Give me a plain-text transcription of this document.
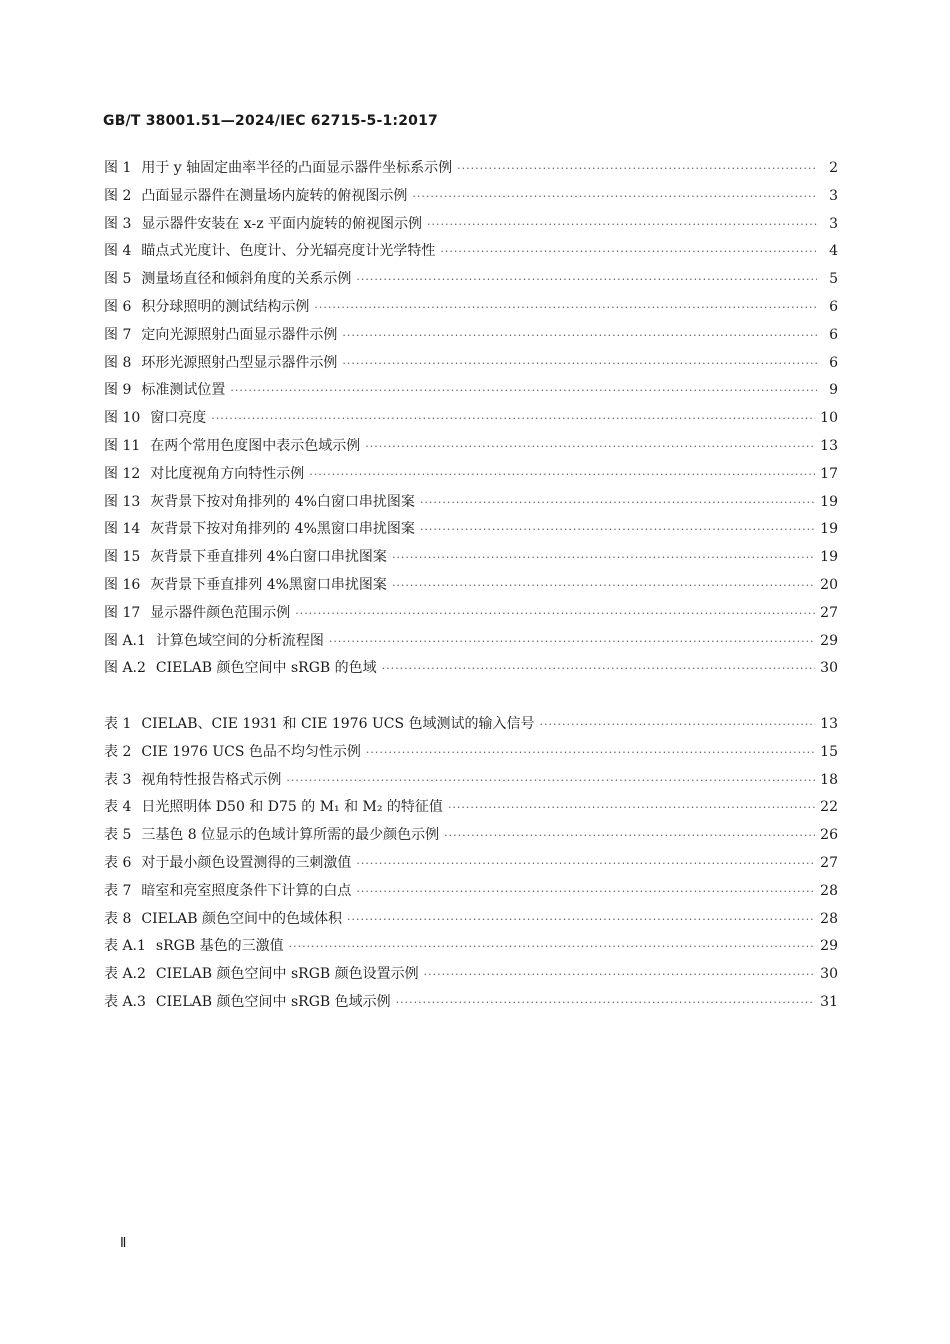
GB/T 38001.51—2024/IEC 62715-5-1:2017
图 1 用于 y 轴固定曲率半径的凸面显示器件坐标系示例 ·····	2
图 2 凸面显示器件在测量场内旋转的俯视图示例 ·····	3
图 3 显示器件安装在 x-z 平面内旋转的俯视图示例 ·····	3
图 4 瞄点式光度计、色度计、分光辐亮度计光学特性 ·····	4
图 5 测量场直径和倾斜角度的关系示例 ·····	5
图 6 积分球照明的测试结构示例 ·····	6
图 7 定向光源照射凸面显示器件示例 ·····	6
图 8 环形光源照射凸型显示器件示例 ·····	6
图 9 标准测试位置 ·····	9
图 10 窗口亮度 ·····	10
图 11 在两个常用色度图中表示色域示例 ·····	13
图 12 对比度视角方向特性示例 ·····	17
图 13 灰背景下按对角排列的 4%白窗口串扰图案 ·····	19
图 14 灰背景下按对角排列的 4%黑窗口串扰图案 ·····	19
图 15 灰背景下垂直排列 4%白窗口串扰图案 ·····	19
图 16 灰背景下垂直排列 4%黑窗口串扰图案 ·····	20
图 17 显示器件颜色范围示例 ·····	27
图 A.1 计算色域空间的分析流程图 ·····	29
图 A.2 CIELAB 颜色空间中 sRGB 的色域 ·····	30
表 1 CIELAB、CIE 1931 和 CIE 1976 UCS 色域测试的输入信号 ·····	13
表 2 CIE 1976 UCS 色品不均匀性示例 ·····	15
表 3 视角特性报告格式示例 ·····	18
表 4 日光照明体 D50 和 D75 的 M₁ 和 M₂ 的特征值 ·····	22
表 5 三基色 8 位显示的色域计算所需的最少颜色示例 ·····	26
表 6 对于最小颜色设置测得的三刺激值 ·····	27
表 7 暗室和亮室照度条件下计算的白点 ·····	28
表 8 CIELAB 颜色空间中的色域体积 ·····	28
表 A.1 sRGB 基色的三激值 ·····	29
表 A.2 CIELAB 颜色空间中 sRGB 颜色设置示例 ·····	30
表 A.3 CIELAB 颜色空间中 sRGB 色域示例 ·····	31
Ⅱ
